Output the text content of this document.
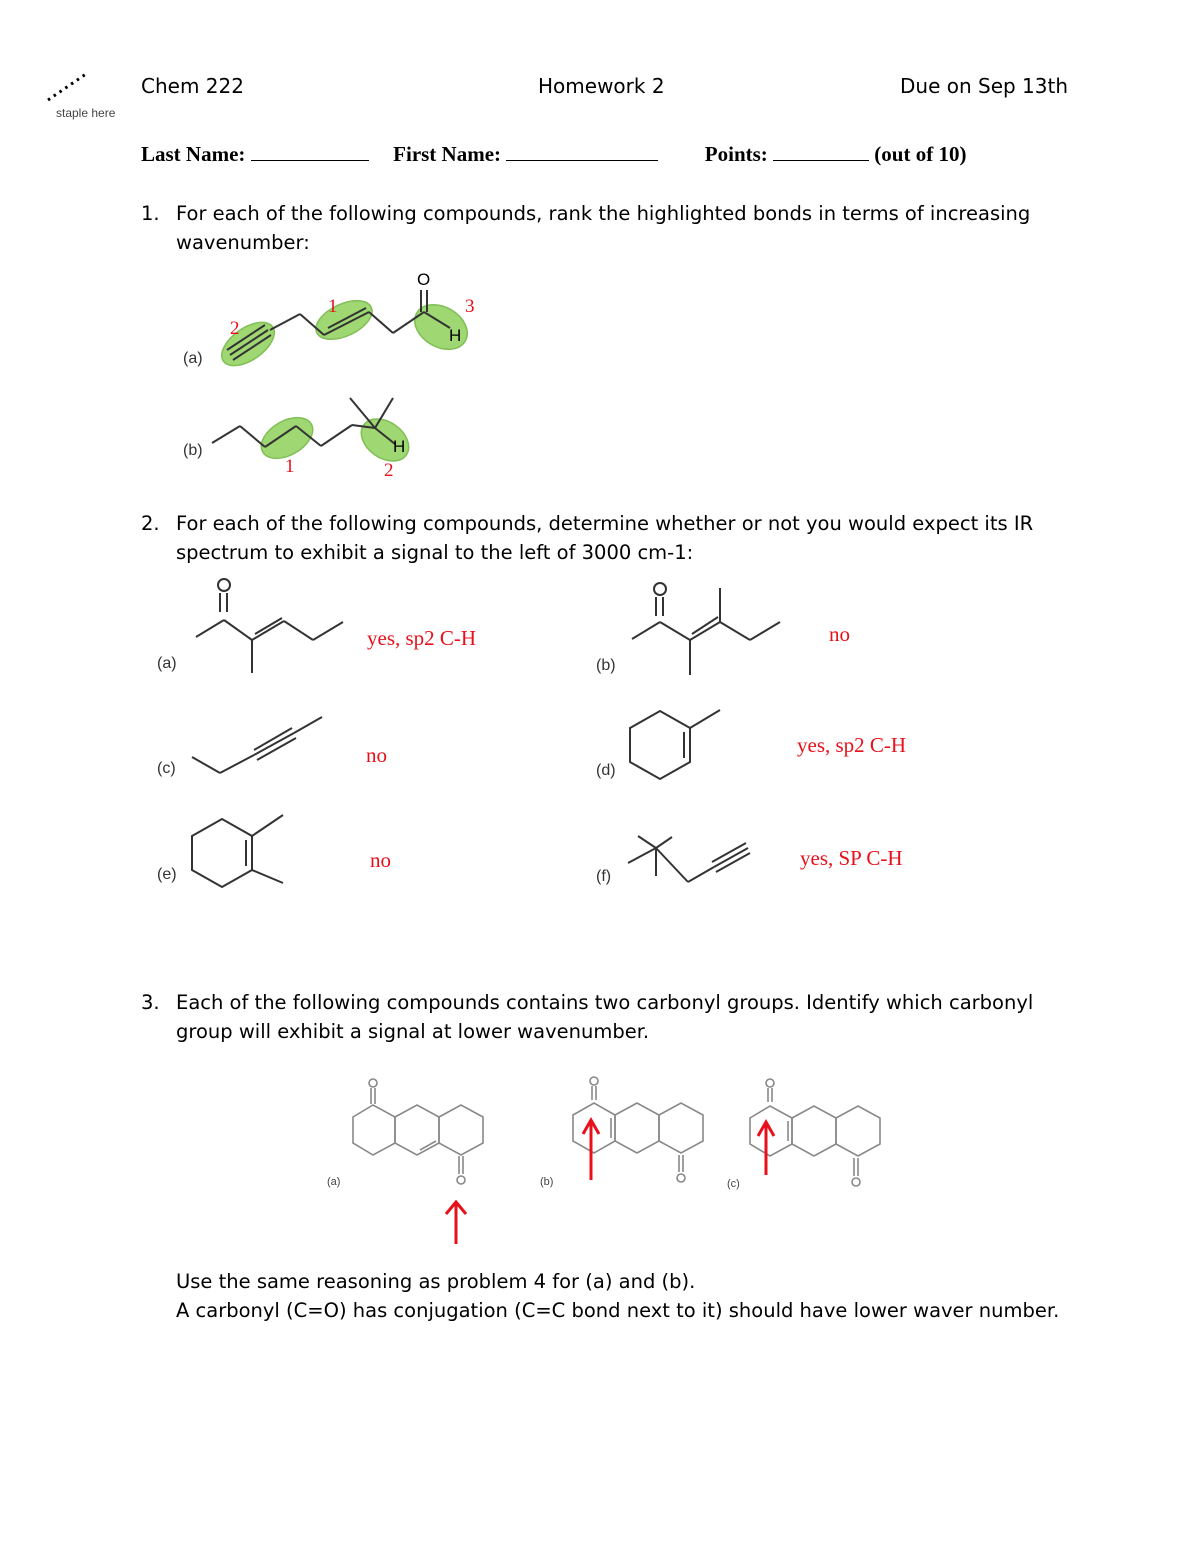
staple here
Chem 222	Homework 2	Due on Sep 13th
Last Name:	First Name:	Points:	(out of 10)
1. For each of the following compounds, rank the highlighted bonds in terms of increasing wavenumber:
O
H
H
(a)
(b)
2
1	3
1	2
2. For each of the following compounds, determine whether or not you would expect its IR spectrum to exhibit a signal to the left of 3000 cm-1:
(a)	(b)
(c)	(d)
(e)	(f)
yes, sp2 C-H	no
no	yes, sp2 C-H
no	yes, SP C-H
3. Each of the following compounds contains two carbonyl groups. Identify which carbonyl group will exhibit a signal at lower wavenumber.
(a)	(b)	(c)
Use the same reasoning as problem 4 for (a) and (b).
A carbonyl (C=O) has conjugation (C=C bond next to it) should have lower waver number.
